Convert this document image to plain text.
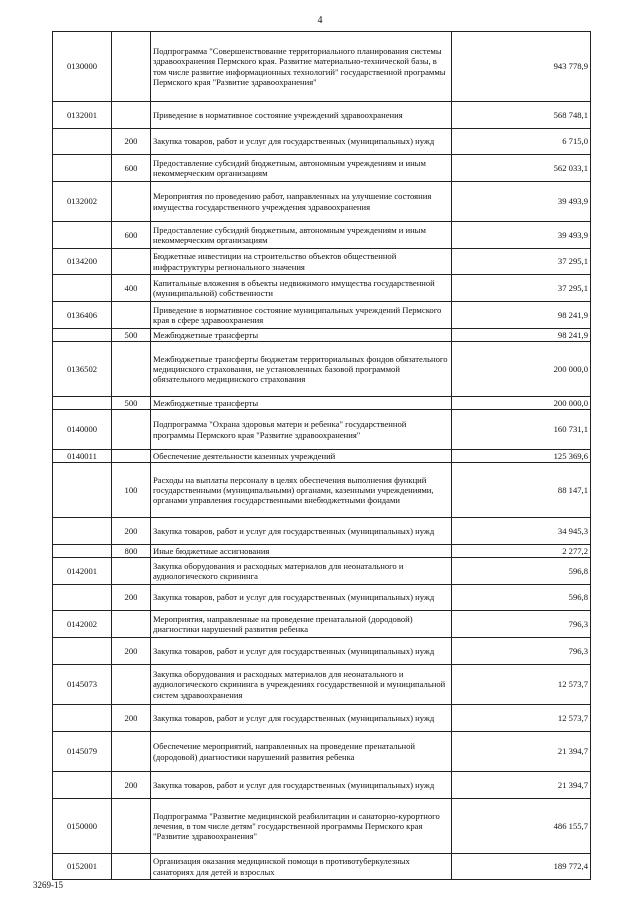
4
0130000		Подпрограмма "Совершенствование территориального планирования системы здравоохранения Пермского края. Развитие материально-технической базы, в том числе развитие информационных технологий" государственной программы Пермского края "Развитие здравоохранения"	943 778,9
0132001		Приведение в нормативное состояние учреждений здравоохранения	568 748,1
	200	Закупка товаров, работ и услуг для государственных (муниципальных) нужд	6 715,0
	600	Предоставление субсидий бюджетным, автономным учреждениям и иным некоммерческим организациям	562 033,1
0132002		Мероприятия по проведению работ, направленных на улучшение состояния имущества государственного учреждения здравоохранения	39 493,9
	600	Предоставление субсидий бюджетным, автономным учреждениям и иным некоммерческим организациям	39 493,9
0134200		Бюджетные инвестиции на строительство объектов общественной инфраструктуры регионального значения	37 295,1
	400	Капитальные вложения в объекты недвижимого имущества государственной (муниципальной) собственности	37 295,1
0136406		Приведение в нормативное состояние муниципальных учреждений Пермского края в сфере здравоохранения	98 241,9
	500	Межбюджетные трансферты	98 241,9
0136502		Межбюджетные трансферты бюджетам территориальных фондов обязательного медицинского страхования, не установленных базовой программой обязательного медицинского страхования	200 000,0
	500	Межбюджетные трансферты	200 000,0
0140000		Подпрограмма "Охрана здоровья матери и ребенка" государственной программы Пермского края "Развитие здравоохранения"	160 731,1
0140011		Обеспечение деятельности казенных учреждений	125 369,6
	100	Расходы на выплаты персоналу в целях обеспечения выполнения функций государственными (муниципальными) органами, казенными учреждениями, органами управления государственными внебюджетными фондами	88 147,1
	200	Закупка товаров, работ и услуг для государственных (муниципальных) нужд	34 945,3
	800	Иные бюджетные ассигнования	2 277,2
0142001		Закупка оборудования и расходных материалов для неонатального и аудиологического скрининга	596,8
	200	Закупка товаров, работ и услуг для государственных (муниципальных) нужд	596,8
0142002		Мероприятия, направленные на проведение пренатальной (дородовой) диагностики нарушений развития ребенка	796,3
	200	Закупка товаров, работ и услуг для государственных (муниципальных) нужд	796,3
0145073		Закупка оборудования и расходных материалов для неонатального и аудиологического скрининга в учреждениях государственной и муниципальной систем здравоохранения	12 573,7
	200	Закупка товаров, работ и услуг для государственных (муниципальных) нужд	12 573,7
0145079		Обеспечение мероприятий, направленных на проведение пренатальной (дородовой) диагностики нарушений развития ребенка	21 394,7
	200	Закупка товаров, работ и услуг для государственных (муниципальных) нужд	21 394,7
0150000		Подпрограмма "Развитие медицинской реабилитации и санаторно-курортного лечения, в том числе детям" государственной программы Пермского края "Развитие здравоохранения"	486 155,7
0152001		Организация оказания медицинской помощи в противотуберкулезных санаториях для детей и взрослых	189 772,4
3269-15
